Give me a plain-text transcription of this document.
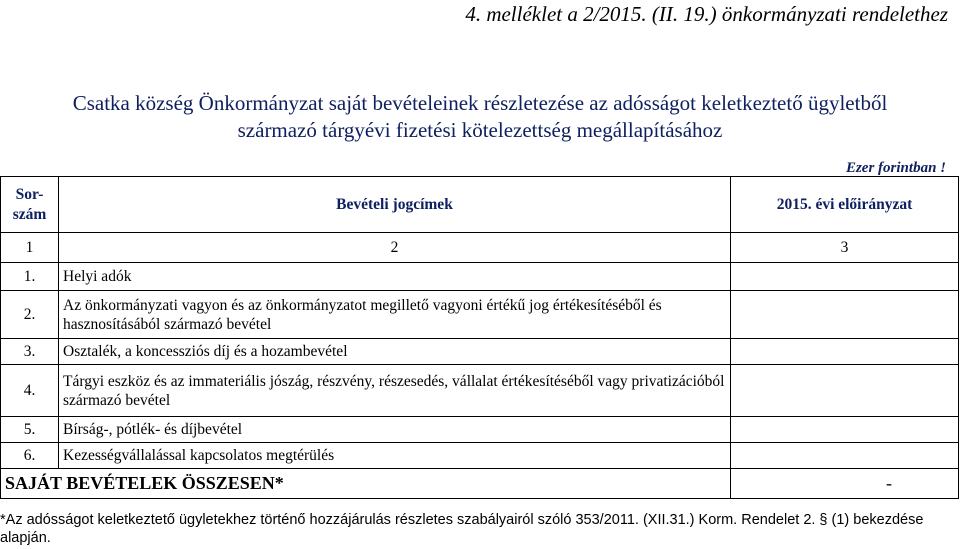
4. melléklet a 2/2015. (II. 19.) önkormányzati rendelethez
Csatka község Önkormányzat saját bevételeinek részletezése az adósságot keletkeztető ügyletből
származó tárgyévi fizetési kötelezettség megállapításához
Ezer forintban !
Sor-
szám	Bevételi jogcímek	2015. évi előirányzat
1	2	3
1.	Helyi adók	
2.	Az önkormányzati vagyon és az önkormányzatot megillető vagyoni értékű jog értékesítéséből és hasznosításából származó bevétel	
3.	Osztalék, a koncessziós díj és a hozambevétel	
4.	Tárgyi eszköz és az immateriális jószág, részvény, részesedés, vállalat értékesítéséből vagy privatizációból származó bevétel	
5.	Bírság-, pótlék- és díjbevétel	
6.	Kezességvállalással kapcsolatos megtérülés	
SAJÁT BEVÉTELEK ÖSSZESEN*		-
*Az adósságot keletkeztető ügyletekhez történő hozzájárulás részletes szabályairól szóló 353/2011. (XII.31.) Korm. Rendelet 2. § (1) bekezdése alapján.
